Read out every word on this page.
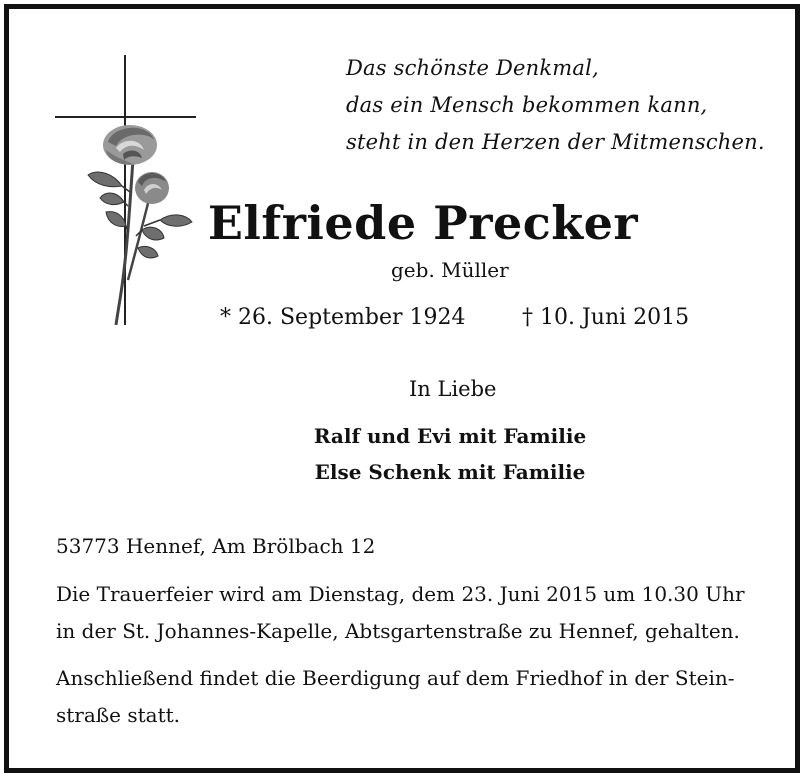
Das schönste Denkmal,
das ein Mensch bekommen kann,
steht in den Herzen der Mitmenschen.
Elfriede Precker
geb. Müller
* 26. September 1924	† 10. Juni 2015
In Liebe
Ralf und Evi mit Familie
Else Schenk mit Familie
53773 Hennef, Am Brölbach 12
Die Trauerfeier wird am Dienstag, dem 23. Juni 2015 um 10.30 Uhr
in der St. Johannes-Kapelle, Abtsgartenstraße zu Hennef, gehalten.
Anschließend findet die Beerdigung auf dem Friedhof in der Stein-
straße statt.
